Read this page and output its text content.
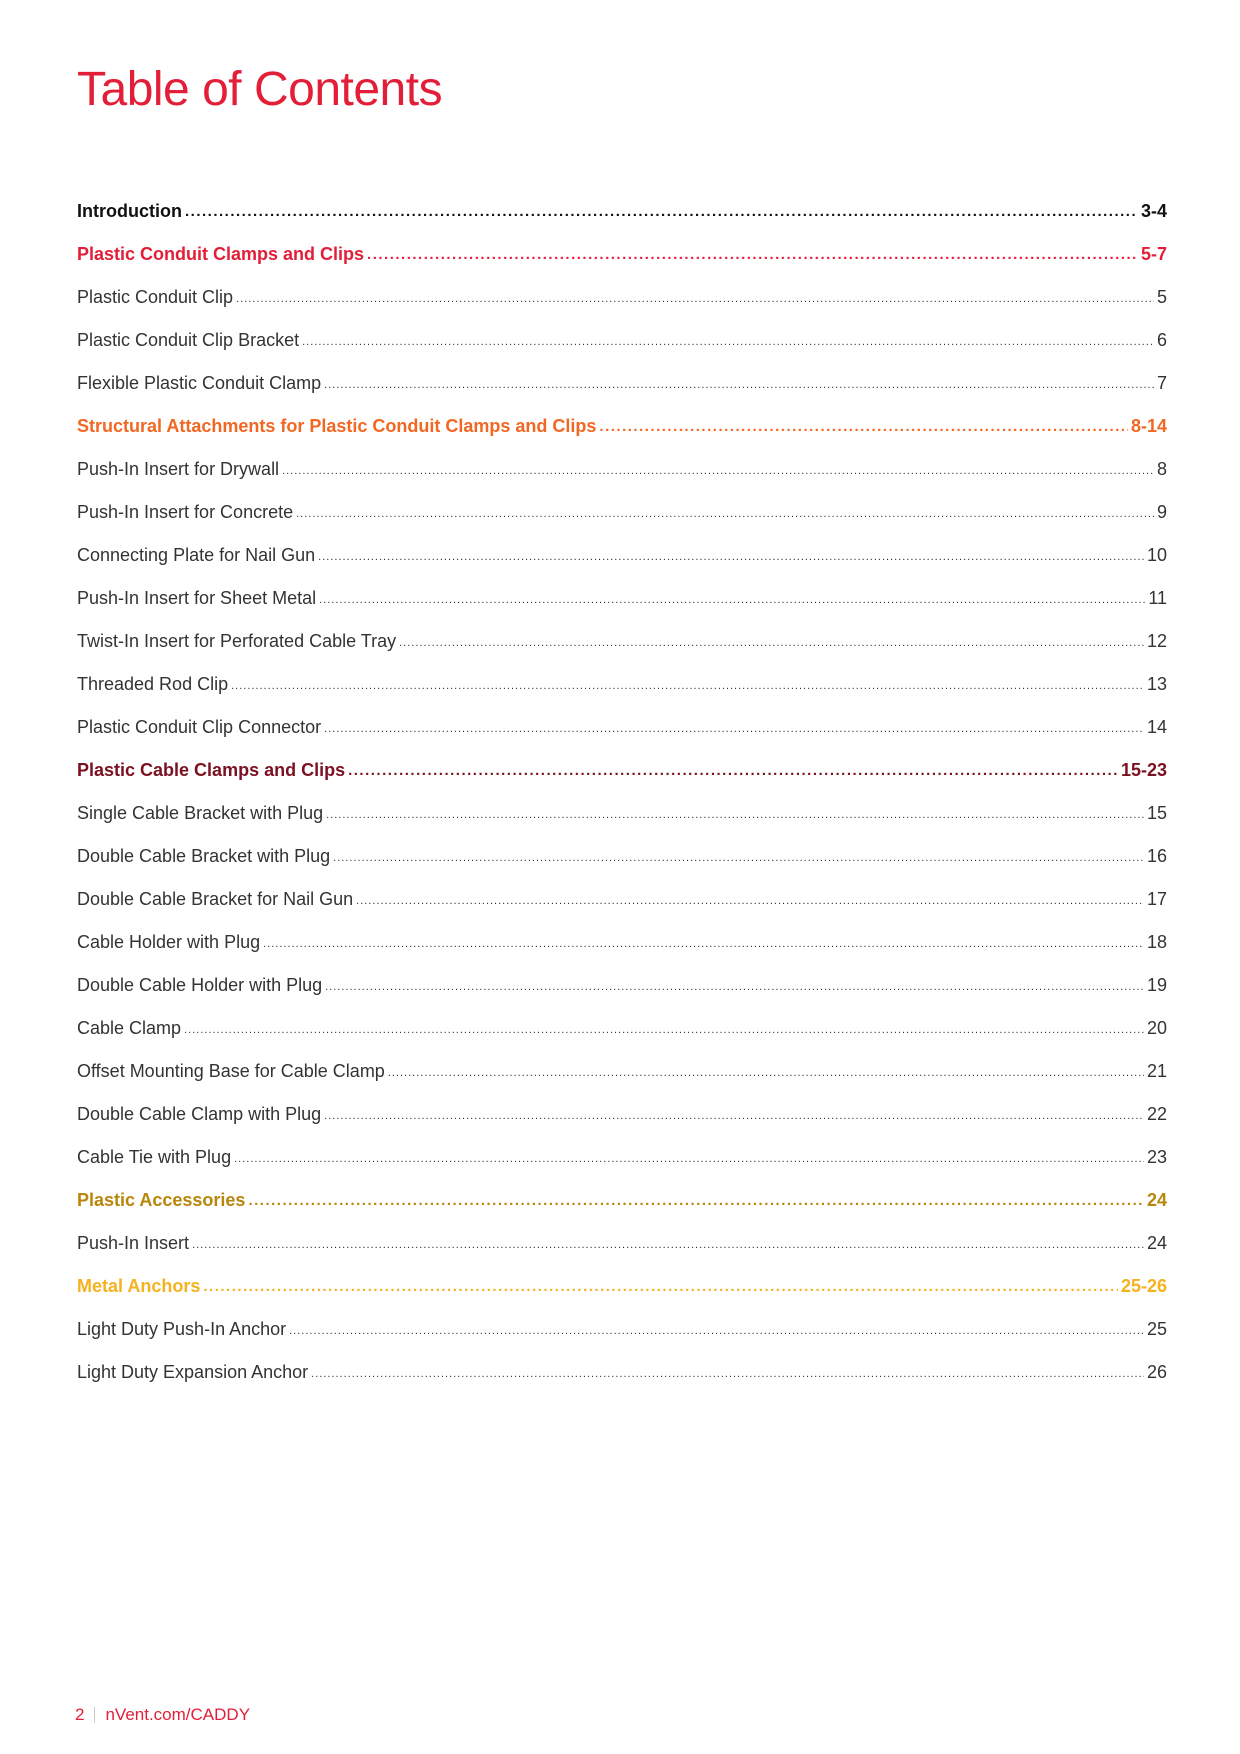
Table of Contents
Introduction .....	3-4
Plastic Conduit Clamps and Clips .....	5-7
Plastic Conduit Clip .....	5
Plastic Conduit Clip Bracket .....	6
Flexible Plastic Conduit Clamp .....	7
Structural Attachments for Plastic Conduit Clamps and Clips .....	8-14
Push-In Insert for Drywall .....	8
Push-In Insert for Concrete .....	9
Connecting Plate for Nail Gun .....	10
Push-In Insert for Sheet Metal .....	11
Twist-In Insert for Perforated Cable Tray .....	12
Threaded Rod Clip .....	13
Plastic Conduit Clip Connector .....	14
Plastic Cable Clamps and Clips .....	15-23
Single Cable Bracket with Plug .....	15
Double Cable Bracket with Plug .....	16
Double Cable Bracket for Nail Gun .....	17
Cable Holder with Plug .....	18
Double Cable Holder with Plug .....	19
Cable Clamp .....	20
Offset Mounting Base for Cable Clamp .....	21
Double Cable Clamp with Plug .....	22
Cable Tie with Plug .....	23
Plastic Accessories .....	24
Push-In Insert .....	24
Metal Anchors .....	25-26
Light Duty Push-In Anchor .....	25
Light Duty Expansion Anchor .....	26
2 nVent.com/CADDY
